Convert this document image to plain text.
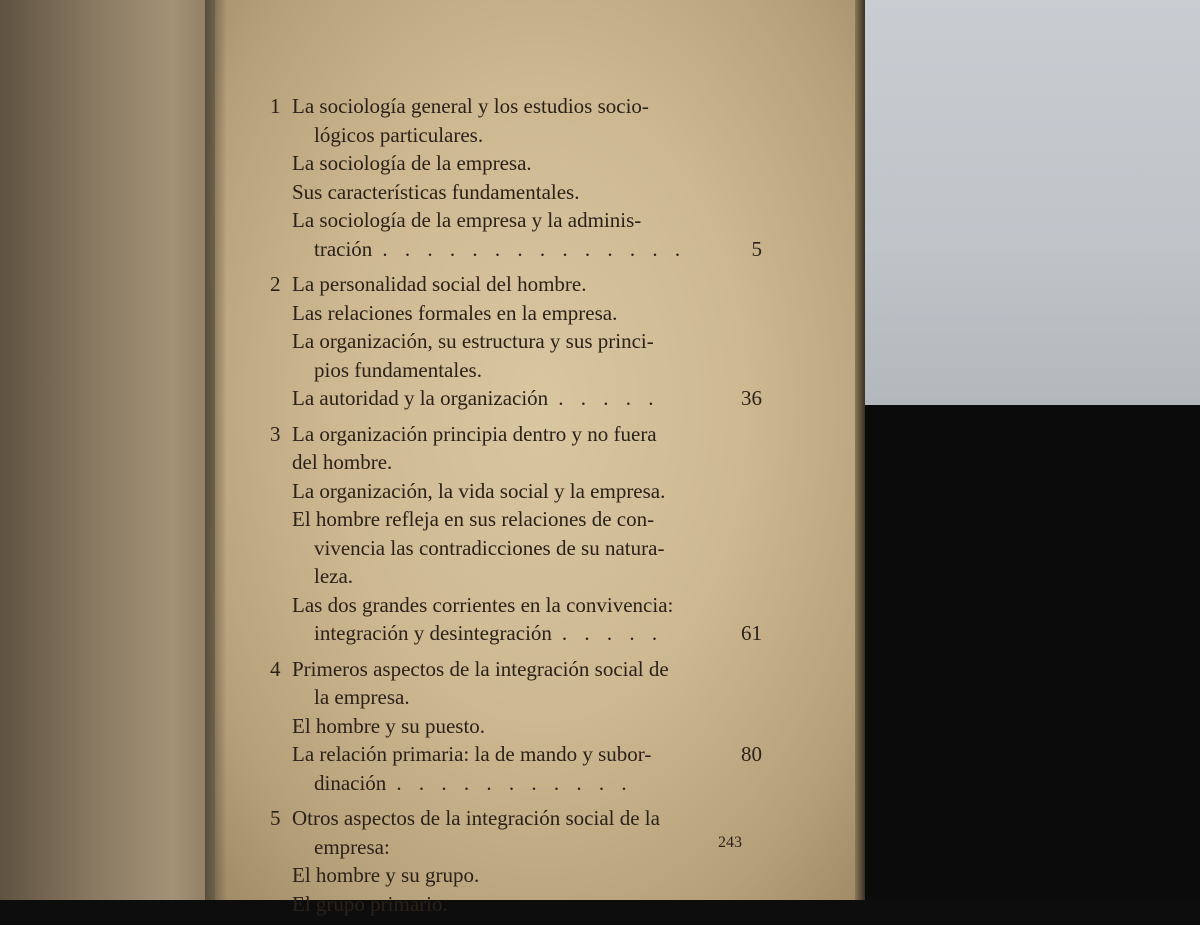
1 La sociología general y los estudios socio-
lógicos particulares.
La sociología de la empresa.
Sus características fundamentales.
La sociología de la empresa y la adminis-
tración . . . . . . . . . . . . . .	5
2 La personalidad social del hombre.
Las relaciones formales en la empresa.
La organización, su estructura y sus princi-
pios fundamentales.
La autoridad y la organización . . . . .	36
3 La organización principia dentro y no fuera
del hombre.
La organización, la vida social y la empresa.
El hombre refleja en sus relaciones de con-
vivencia las contradicciones de su natura-
leza.
Las dos grandes corrientes en la convivencia:
integración y desintegración . . . . .	61
4 Primeros aspectos de la integración social de
la empresa.
El hombre y su puesto.
La relación primaria: la de mando y subor-	80
dinación . . . . . . . . . . .
5 Otros aspectos de la integración social de la
empresa:
El hombre y su grupo.
El grupo primario.
243
